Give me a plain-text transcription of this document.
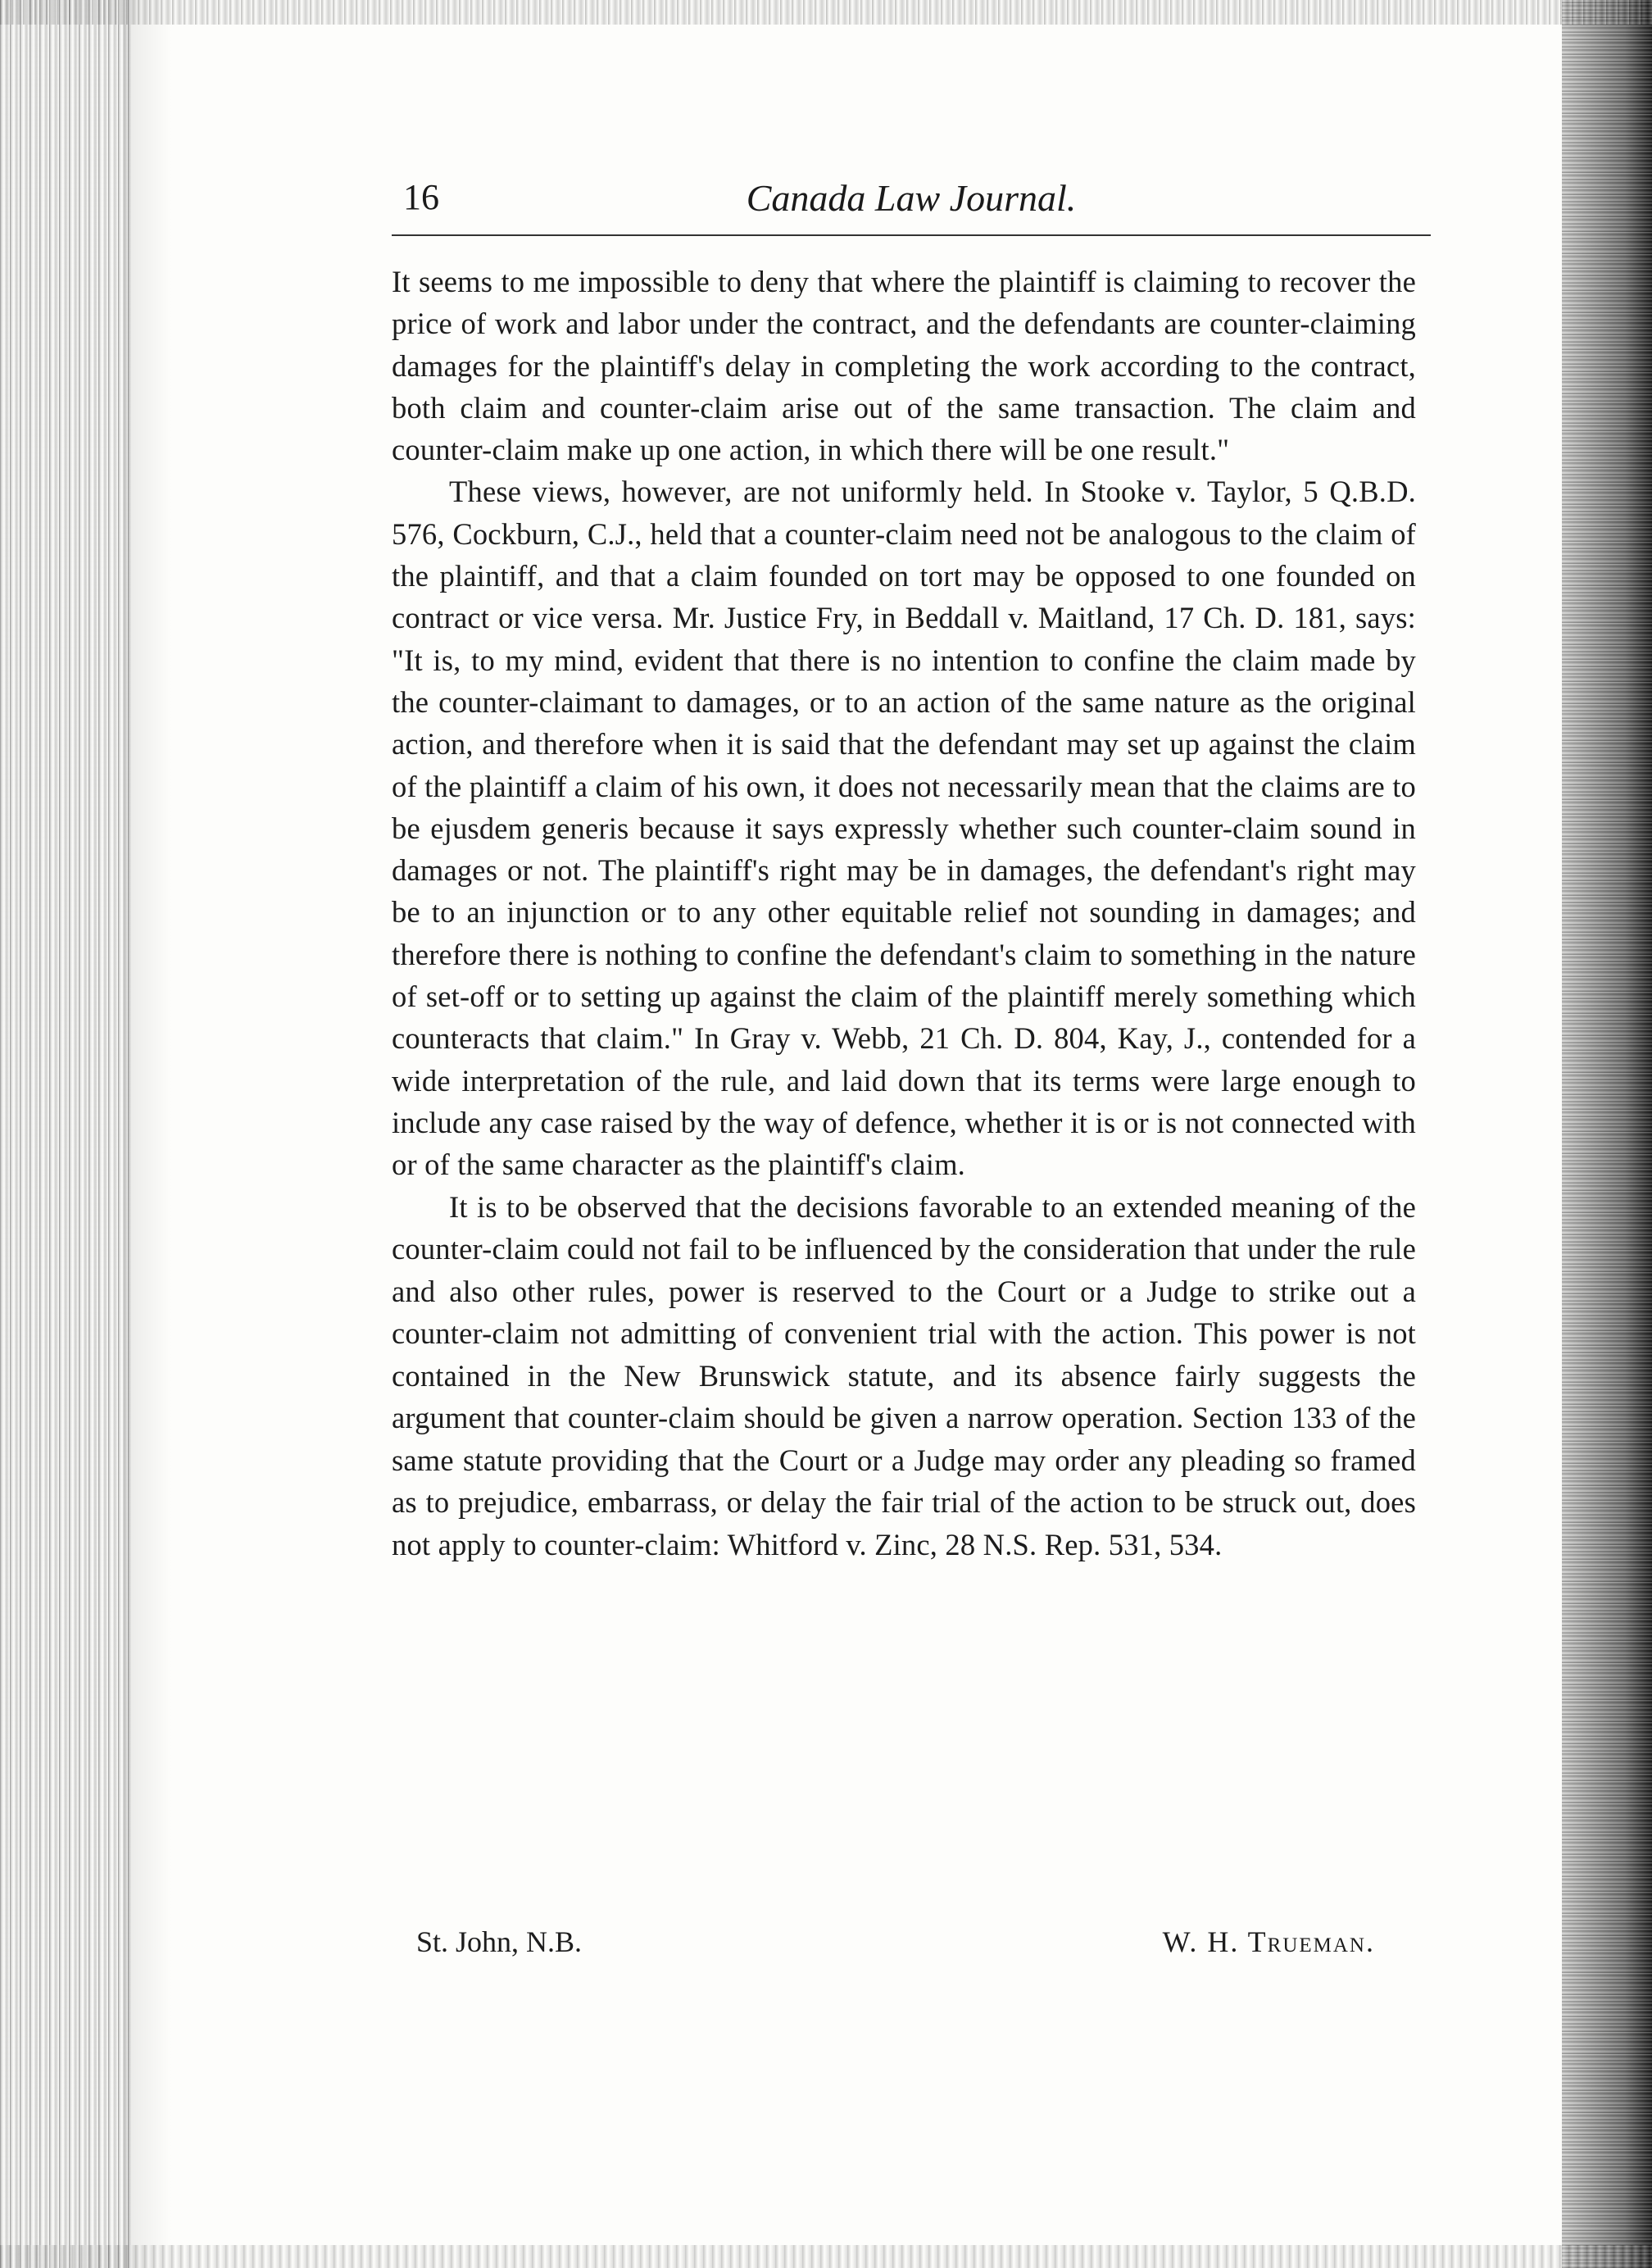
16	Canada Law Journal.

It seems to me impossible to deny that where the plaintiff is claiming to recover the price of work and labor under the contract, and the defendants are counter-claiming damages for the plaintiff's delay in completing the work according to the contract, both claim and counter-claim arise out of the same transaction. The claim and counter-claim make up one action, in which there will be one result."

These views, however, are not uniformly held. In Stooke v. Taylor, 5 Q.B.D. 576, Cockburn, C.J., held that a counter-claim need not be analogous to the claim of the plaintiff, and that a claim founded on tort may be opposed to one founded on contract or vice versa. Mr. Justice Fry, in Beddall v. Maitland, 17 Ch. D. 181, says: "It is, to my mind, evident that there is no intention to confine the claim made by the counter-claimant to damages, or to an action of the same nature as the original action, and therefore when it is said that the defendant may set up against the claim of the plaintiff a claim of his own, it does not necessarily mean that the claims are to be ejusdem generis because it says expressly whether such counter-claim sound in damages or not. The plaintiff's right may be in damages, the defendant's right may be to an injunction or to any other equitable relief not sounding in damages; and therefore there is nothing to confine the defendant's claim to something in the nature of set-off or to setting up against the claim of the plaintiff merely something which counteracts that claim." In Gray v. Webb, 21 Ch. D. 804, Kay, J., contended for a wide interpretation of the rule, and laid down that its terms were large enough to include any case raised by the way of defence, whether it is or is not connected with or of the same character as the plaintiff's claim.

It is to be observed that the decisions favorable to an extended meaning of the counter-claim could not fail to be influenced by the consideration that under the rule and also other rules, power is reserved to the Court or a Judge to strike out a counter-claim not admitting of convenient trial with the action. This power is not contained in the New Brunswick statute, and its absence fairly suggests the argument that counter-claim should be given a narrow operation. Section 133 of the same statute providing that the Court or a Judge may order any pleading so framed as to prejudice, embarrass, or delay the fair trial of the action to be struck out, does not apply to counter-claim: Whitford v. Zinc, 28 N.S. Rep. 531, 534.

St. John, N.B.	W. H. Trueman.
